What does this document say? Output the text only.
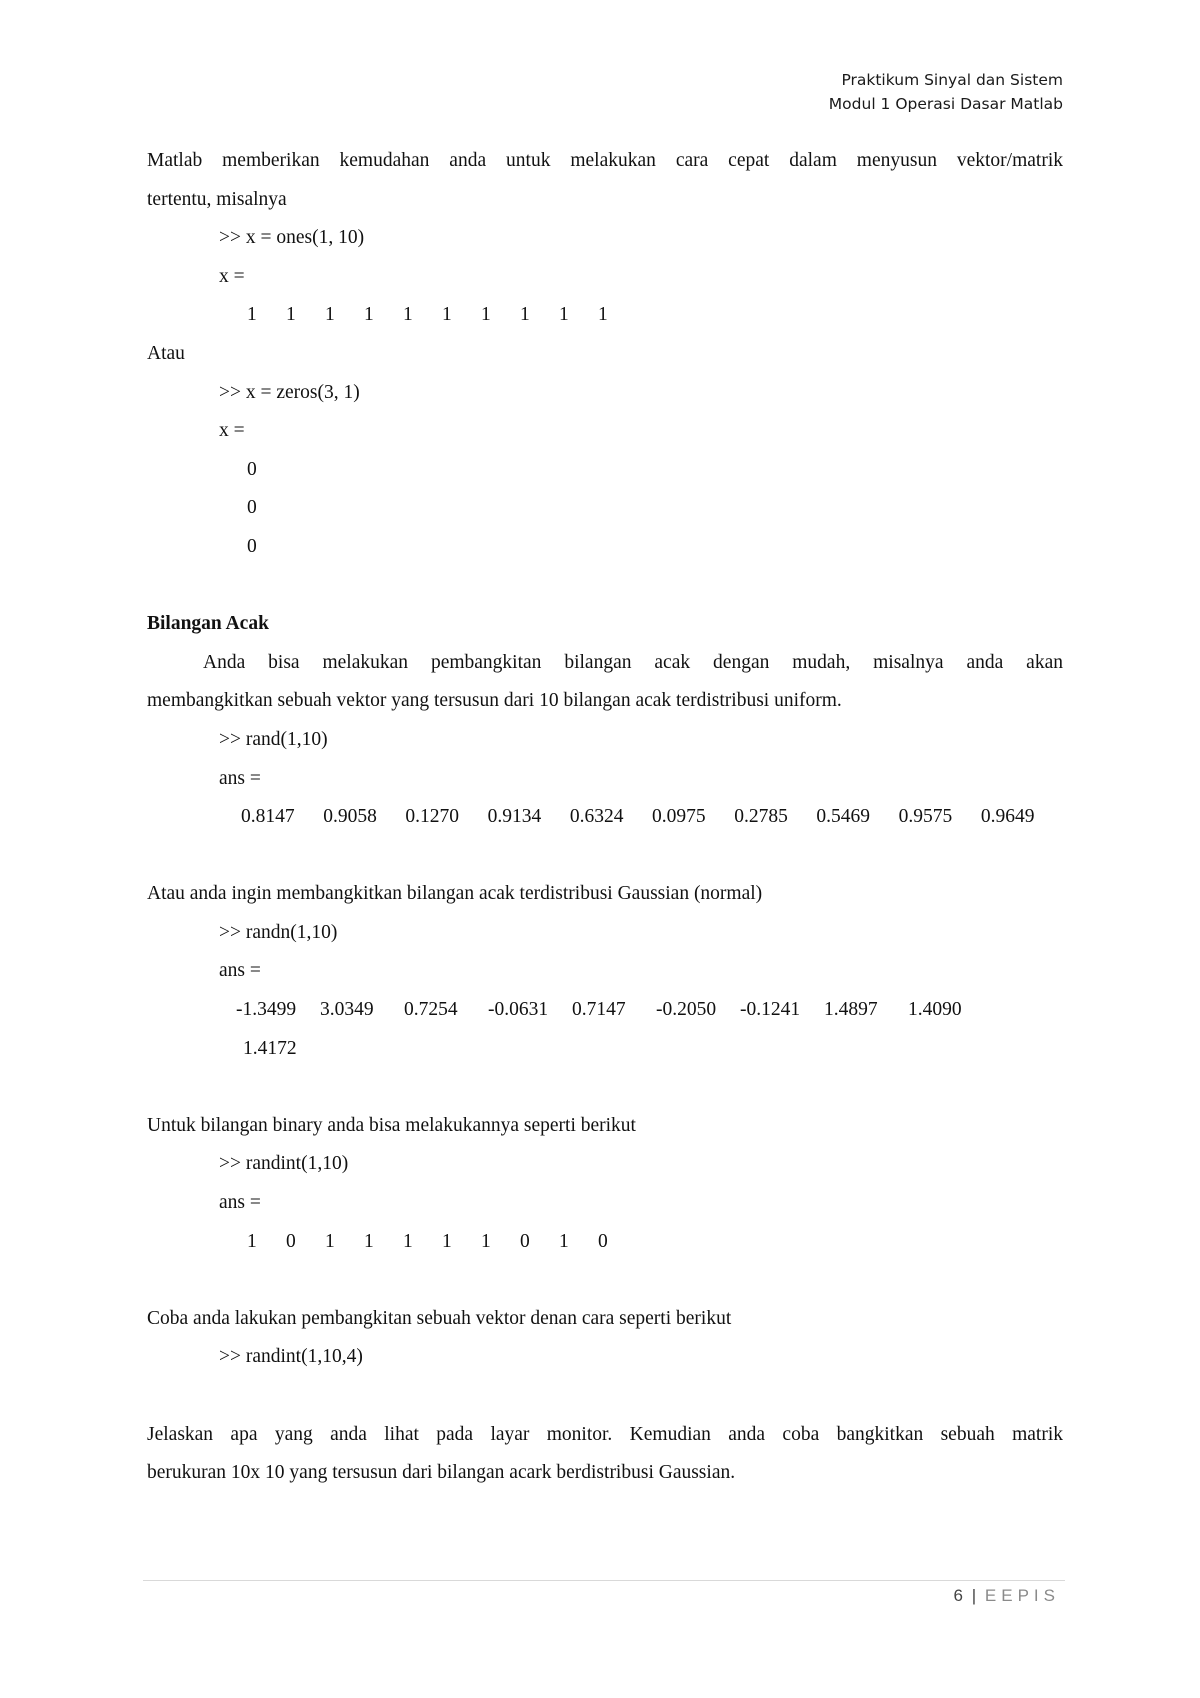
Praktikum Sinyal dan Sistem
Modul 1 Operasi Dasar Matlab
Matlab memberikan kemudahan anda untuk melakukan cara cepat dalam menyusun vektor/matrik
tertentu, misalnya
>> x = ones(1, 10)
x =
1	1	1	1	1	1	1	1	1	1
Atau
>> x = zeros(3, 1)
x =
0
0
0
Bilangan Acak
Anda bisa melakukan pembangkitan bilangan acak dengan mudah, misalnya anda akan
membangkitkan sebuah vektor yang tersusun dari 10 bilangan acak terdistribusi uniform.
>> rand(1,10)
ans =
0.8147	0.9058	0.1270	0.9134	0.6324	0.0975	0.2785	0.5469	0.9575	0.9649
Atau anda ingin membangkitkan bilangan acak terdistribusi Gaussian (normal)
>> randn(1,10)
ans =
-1.3499	3.0349	0.7254	-0.0631	0.7147	-0.2050	-0.1241	1.4897	1.4090
1.4172
Untuk bilangan binary anda bisa melakukannya seperti berikut
>> randint(1,10)
ans =
1	0	1	1	1	1	1	0	1	0
Coba anda lakukan pembangkitan sebuah vektor denan cara seperti berikut
>> randint(1,10,4)
Jelaskan apa yang anda lihat pada layar monitor. Kemudian anda coba bangkitkan sebuah matrik
berukuran 10x 10 yang tersusun dari bilangan acark berdistribusi Gaussian.
6 | EEPIS
